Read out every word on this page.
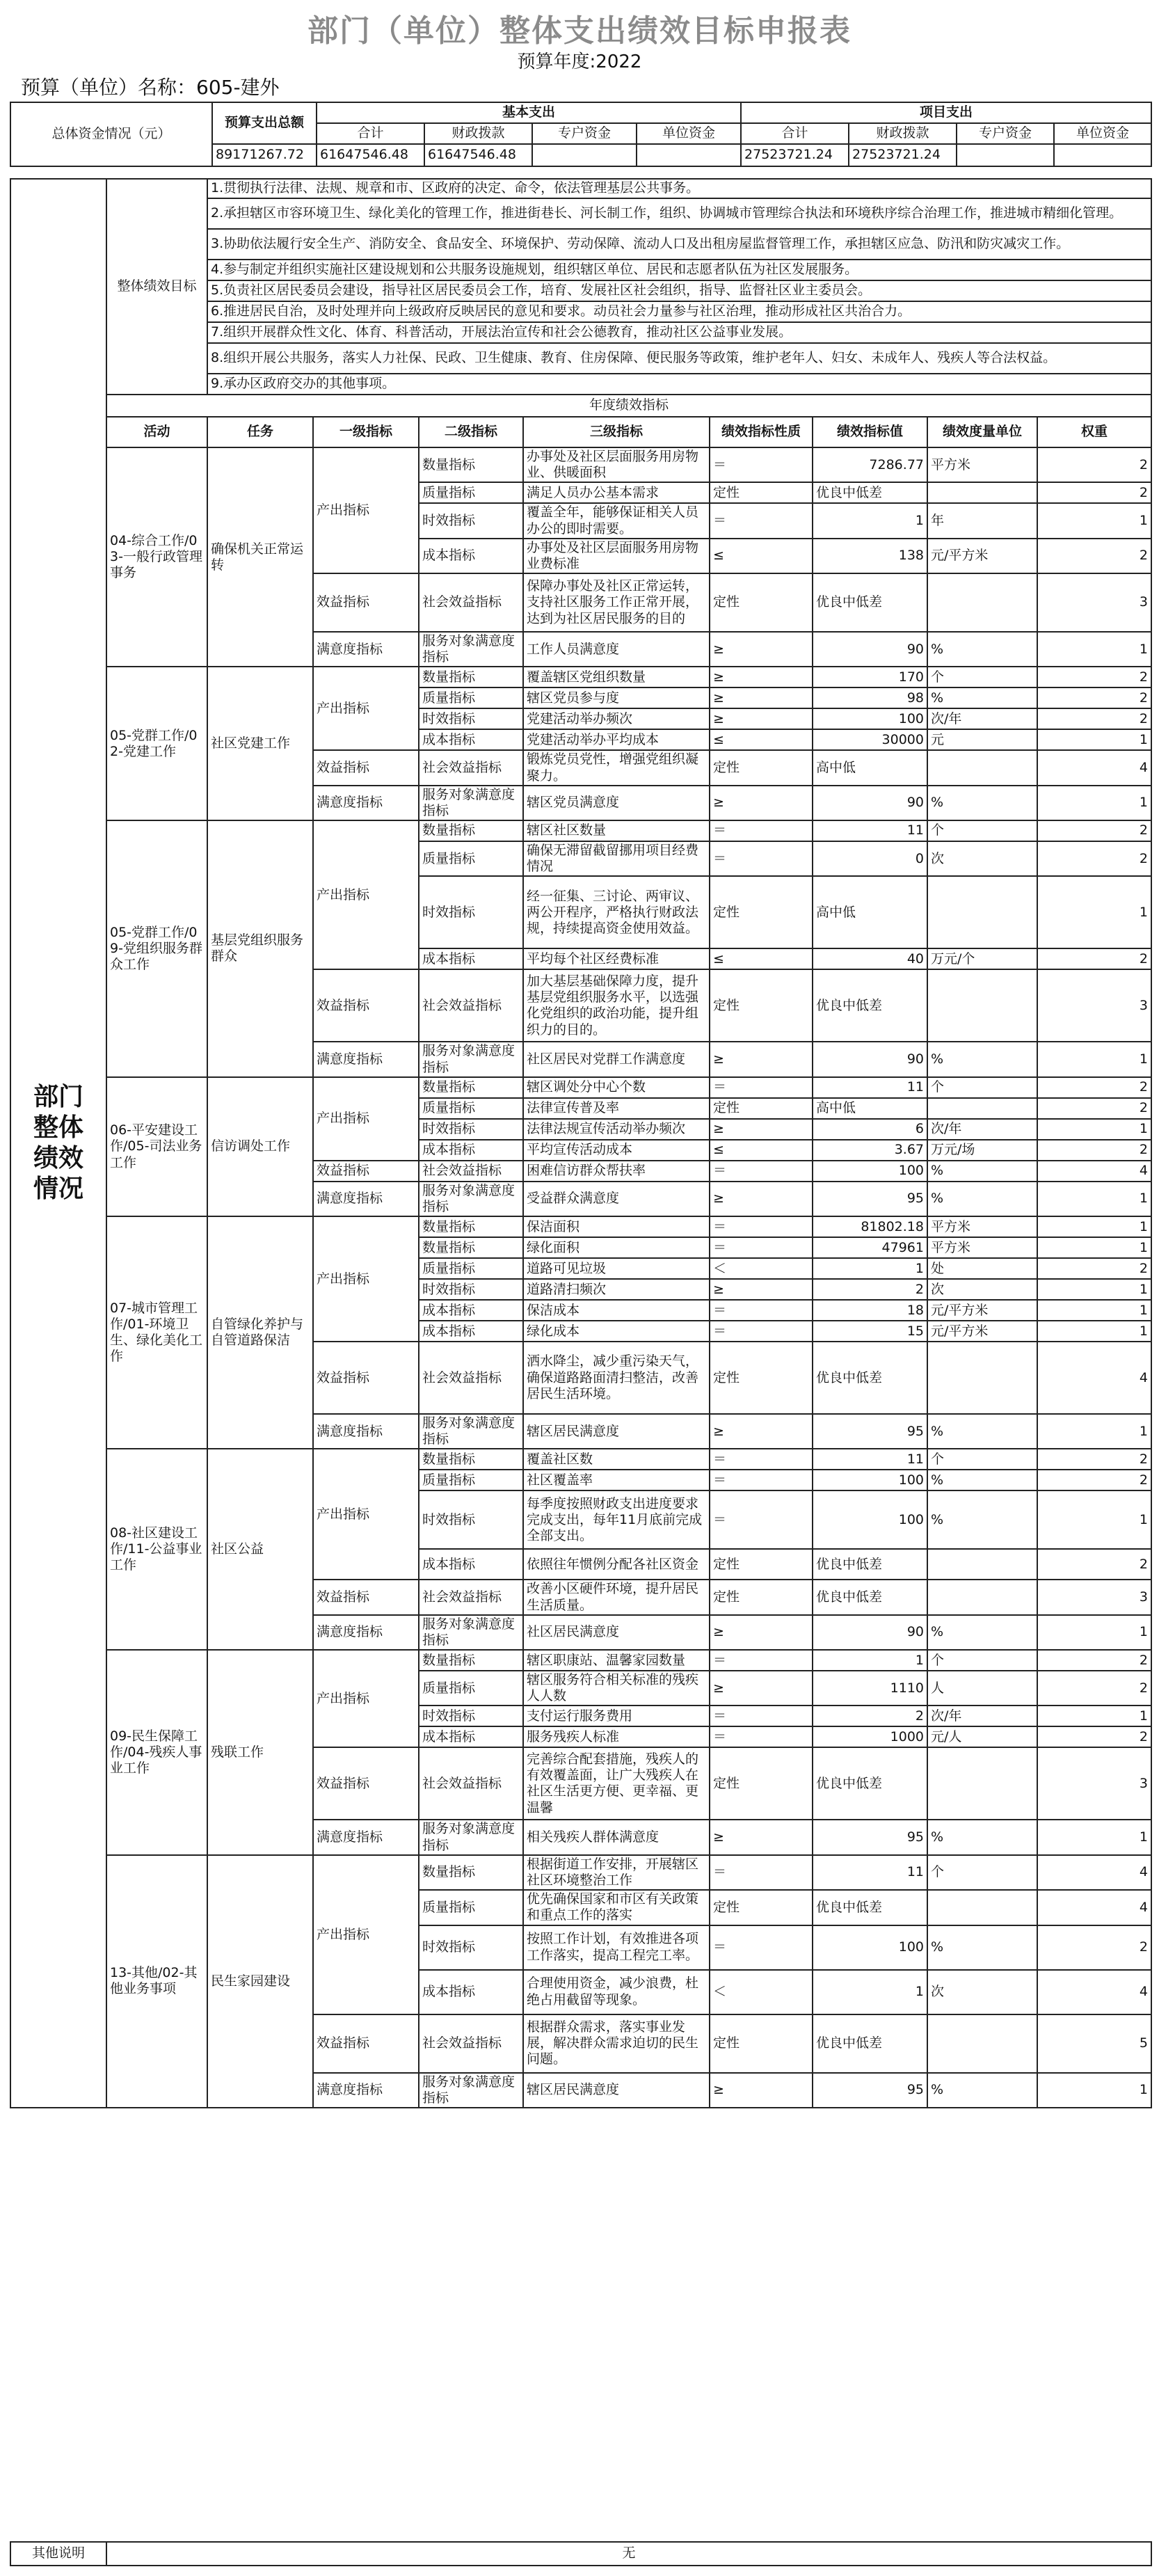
部门（单位）整体支出绩效目标申报表
预算年度:2022
预算（单位）名称：605-建外
总体资金情况（元）	预算支出总额	基本支出				项目支出			
		合计	财政拨款	专户资金	单位资金	合计	财政拨款	专户资金	单位资金
	89171267.72	61647546.48	61647546.48			27523721.24	27523721.24		
部门整体绩效情况	整体绩效目标	1.贯彻执行法律、法规、规章和市、区政府的决定、命令，依法管理基层公共事务。							
		2.承担辖区市容环境卫生、绿化美化的管理工作，推进街巷长、河长制工作，组织、协调城市管理综合执法和环境秩序综合治理工作，推进城市精细化管理。							
		3.协助依法履行安全生产、消防安全、食品安全、环境保护、劳动保障、流动人口及出租房屋监督管理工作，承担辖区应急、防汛和防灾减灾工作。							
		4.参与制定并组织实施社区建设规划和公共服务设施规划，组织辖区单位、居民和志愿者队伍为社区发展服务。							
		5.负责社区居民委员会建设，指导社区居民委员会工作，培育、发展社区社会组织，指导、监督社区业主委员会。							
		6.推进居民自治，及时处理并向上级政府反映居民的意见和要求。动员社会力量参与社区治理，推动形成社区共治合力。							
		7.组织开展群众性文化、体育、科普活动，开展法治宣传和社会公德教育，推动社区公益事业发展。							
		8.组织开展公共服务，落实人力社保、民政、卫生健康、教育、住房保障、便民服务等政策，维护老年人、妇女、未成年人、残疾人等合法权益。							
		9.承办区政府交办的其他事项。							
	年度绩效指标								
	活动	任务	一级指标	二级指标	三级指标	绩效指标性质	绩效指标值	绩效度量单位	权重
	04-综合工作/03-一般行政管理事务	确保机关正常运转	产出指标	数量指标	办事处及社区层面服务用房物业、供暖面积	＝	7286.77	平方米	2
				质量指标	满足人员办公基本需求	定性	优良中低差		2
				时效指标	覆盖全年，能够保证相关人员办公的即时需要。	＝	1	年	1
				成本指标	办事处及社区层面服务用房物业费标准	≤	138	元/平方米	2
			效益指标	社会效益指标	保障办事处及社区正常运转，支持社区服务工作正常开展，达到为社区居民服务的目的	定性	优良中低差		3
			满意度指标	服务对象满意度指标	工作人员满意度	≥	90	%	1
	05-党群工作/02-党建工作	社区党建工作	产出指标	数量指标	覆盖辖区党组织数量	≥	170	个	2
				质量指标	辖区党员参与度	≥	98	%	2
				时效指标	党建活动举办频次	≥	100	次/年	2
				成本指标	党建活动举办平均成本	≤	30000	元	1
			效益指标	社会效益指标	锻炼党员党性，增强党组织凝聚力。	定性	高中低		4
			满意度指标	服务对象满意度指标	辖区党员满意度	≥	90	%	1
	05-党群工作/09-党组织服务群众工作	基层党组织服务群众	产出指标	数量指标	辖区社区数量	＝	11	个	2
				质量指标	确保无滞留截留挪用项目经费情况	＝	0	次	2
				时效指标	经一征集、三讨论、两审议、两公开程序，严格执行财政法规，持续提高资金使用效益。	定性	高中低		1
				成本指标	平均每个社区经费标准	≤	40	万元/个	2
			效益指标	社会效益指标	加大基层基础保障力度，提升基层党组织服务水平，以选强化党组织的政治功能，提升组织力的目的。	定性	优良中低差		3
			满意度指标	服务对象满意度指标	社区居民对党群工作满意度	≥	90	%	1
	06-平安建设工作/05-司法业务工作	信访调处工作	产出指标	数量指标	辖区调处分中心个数	＝	11	个	2
				质量指标	法律宣传普及率	定性	高中低		2
				时效指标	法律法规宣传活动举办频次	≥	6	次/年	1
				成本指标	平均宣传活动成本	≤	3.67	万元/场	2
			效益指标	社会效益指标	困难信访群众帮扶率	＝	100	%	4
			满意度指标	服务对象满意度指标	受益群众满意度	≥	95	%	1
	07-城市管理工作/01-环境卫生、绿化美化工作	自管绿化养护与自管道路保洁	产出指标	数量指标	保洁面积	＝	81802.18	平方米	1
				数量指标	绿化面积	＝	47961	平方米	1
				质量指标	道路可见垃圾	＜	1	处	2
				时效指标	道路清扫频次	≥	2	次	1
				成本指标	保洁成本	＝	18	元/平方米	1
				成本指标	绿化成本	＝	15	元/平方米	1
			效益指标	社会效益指标	洒水降尘，减少重污染天气，确保道路路面清扫整洁，改善居民生活环境。	定性	优良中低差		4
			满意度指标	服务对象满意度指标	辖区居民满意度	≥	95	%	1
	08-社区建设工作/11-公益事业工作	社区公益	产出指标	数量指标	覆盖社区数	＝	11	个	2
				质量指标	社区覆盖率	＝	100	%	2
				时效指标	每季度按照财政支出进度要求完成支出，每年11月底前完成全部支出。	＝	100	%	1
				成本指标	依照往年惯例分配各社区资金	定性	优良中低差		2
			效益指标	社会效益指标	改善小区硬件环境，提升居民生活质量。	定性	优良中低差		3
			满意度指标	服务对象满意度指标	社区居民满意度	≥	90	%	1
	09-民生保障工作/04-残疾人事业工作	残联工作	产出指标	数量指标	辖区职康站、温馨家园数量	＝	1	个	2
				质量指标	辖区服务符合相关标准的残疾人人数	≥	1110	人	2
				时效指标	支付运行服务费用	＝	2	次/年	1
				成本指标	服务残疾人标准	＝	1000	元/人	2
			效益指标	社会效益指标	完善综合配套措施，残疾人的有效覆盖面，让广大残疾人在社区生活更方便、更幸福、更温馨	定性	优良中低差		3
			满意度指标	服务对象满意度指标	相关残疾人群体满意度	≥	95	%	1
	13-其他/02-其他业务事项	民生家园建设	产出指标	数量指标	根据街道工作安排，开展辖区社区环境整治工作	＝	11	个	4
				质量指标	优先确保国家和市区有关政策和重点工作的落实	定性	优良中低差		4
				时效指标	按照工作计划，有效推进各项工作落实，提高工程完工率。	＝	100	%	2
				成本指标	合理使用资金，减少浪费，杜绝占用截留等现象。	＜	1	次	4
			效益指标	社会效益指标	根据群众需求，落实事业发展，解决群众需求迫切的民生问题。	定性	优良中低差		5
			满意度指标	服务对象满意度指标	辖区居民满意度	≥	95	%	1
其他说明	无
